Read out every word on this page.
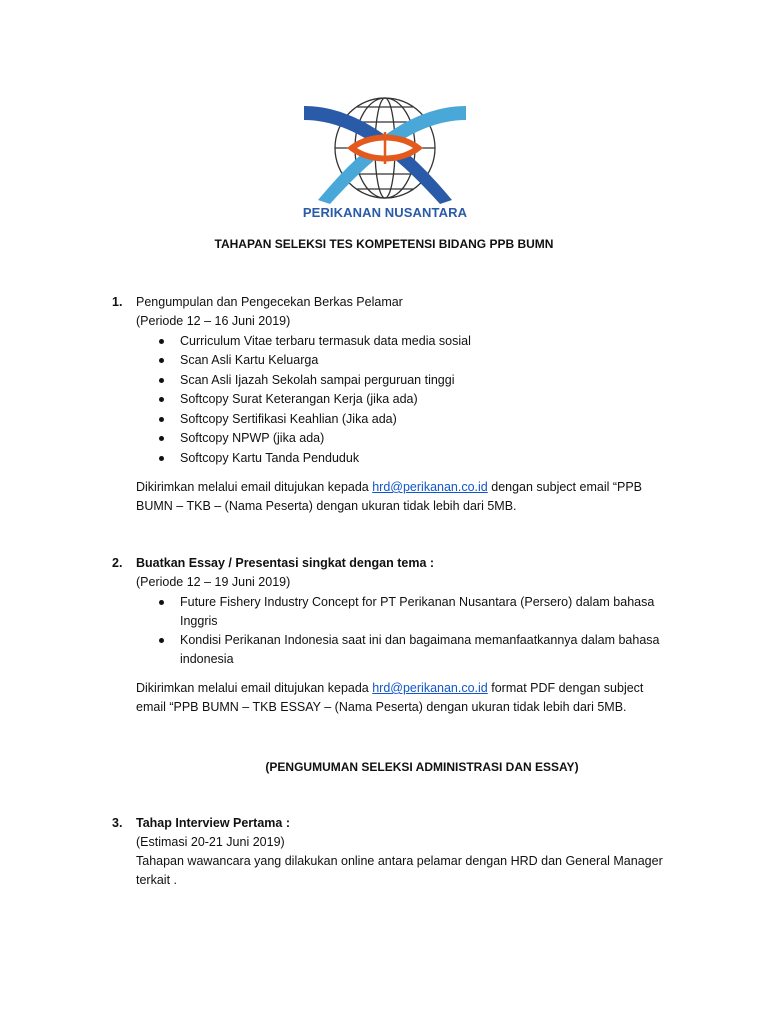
PERIKANAN NUSANTARA
TAHAPAN SELEKSI TES KOMPETENSI BIDANG PPB BUMN
1. Pengumpulan dan Pengecekan Berkas Pelamar
(Periode 12 – 16 Juni 2019)
Curriculum Vitae terbaru termasuk data media sosial
Scan Asli Kartu Keluarga
Scan Asli Ijazah Sekolah sampai perguruan tinggi
Softcopy Surat Keterangan Kerja (jika ada)
Softcopy Sertifikasi Keahlian (Jika ada)
Softcopy NPWP (jika ada)
Softcopy Kartu Tanda Penduduk
Dikirimkan melalui email ditujukan kepada hrd@perikanan.co.id dengan subject email “PPB
BUMN – TKB – (Nama Peserta) dengan ukuran tidak lebih dari 5MB.
2. Buatkan Essay / Presentasi singkat dengan tema :
(Periode 12 – 19 Juni 2019)
Future Fishery Industry Concept for PT Perikanan Nusantara (Persero) dalam bahasa
Inggris
Kondisi Perikanan Indonesia saat ini dan bagaimana memanfaatkannya dalam bahasa
indonesia
Dikirimkan melalui email ditujukan kepada hrd@perikanan.co.id format PDF dengan subject
email “PPB BUMN – TKB ESSAY – (Nama Peserta) dengan ukuran tidak lebih dari 5MB.
(PENGUMUMAN SELEKSI ADMINISTRASI DAN ESSAY)
3. Tahap Interview Pertama :
(Estimasi 20-21 Juni 2019)
Tahapan wawancara yang dilakukan online antara pelamar dengan HRD dan General Manager
terkait .
